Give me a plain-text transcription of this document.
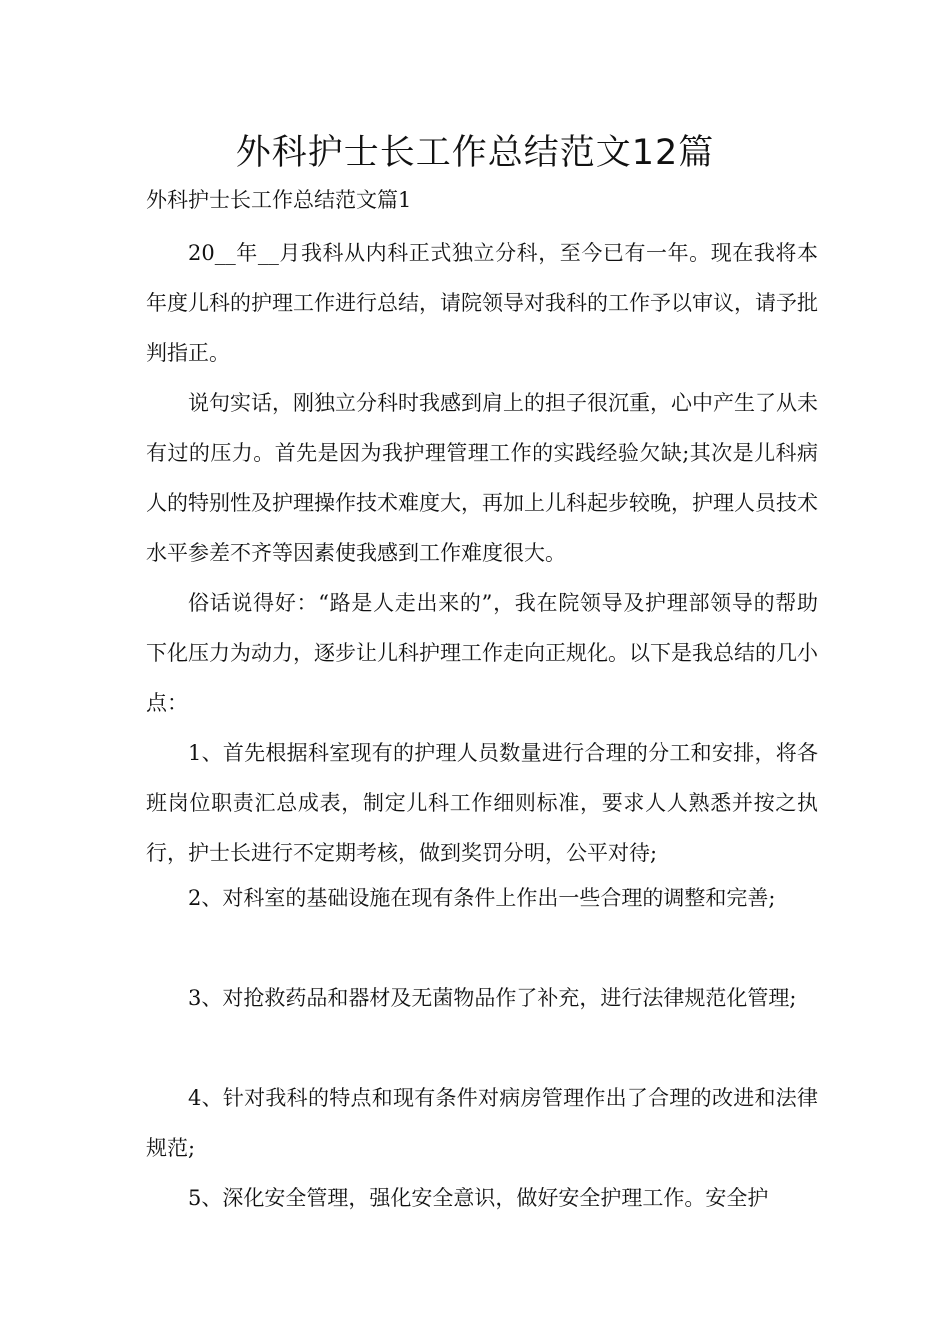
外科护士长工作总结范文12篇

外科护士长工作总结范文篇1

20__年__月我科从内科正式独立分科，至今已有一年。现在我将本年度儿科的护理工作进行总结，请院领导对我科的工作予以审议，请予批判指正。

说句实话，刚独立分科时我感到肩上的担子很沉重，心中产生了从未有过的压力。首先是因为我护理管理工作的实践经验欠缺;其次是儿科病人的特别性及护理操作技术难度大，再加上儿科起步较晚，护理人员技术水平参差不齐等因素使我感到工作难度很大。

俗话说得好：“路是人走出来的”，我在院领导及护理部领导的帮助下化压力为动力，逐步让儿科护理工作走向正规化。以下是我总结的几小点：

1、首先根据科室现有的护理人员数量进行合理的分工和安排，将各班岗位职责汇总成表，制定儿科工作细则标准，要求人人熟悉并按之执行，护士长进行不定期考核，做到奖罚分明，公平对待;

2、对科室的基础设施在现有条件上作出一些合理的调整和完善;

3、对抢救药品和器材及无菌物品作了补充，进行法律规范化管理;

4、针对我科的特点和现有条件对病房管理作出了合理的改进和法律规范;

5、深化安全管理，强化安全意识，做好安全护理工作。安全护
